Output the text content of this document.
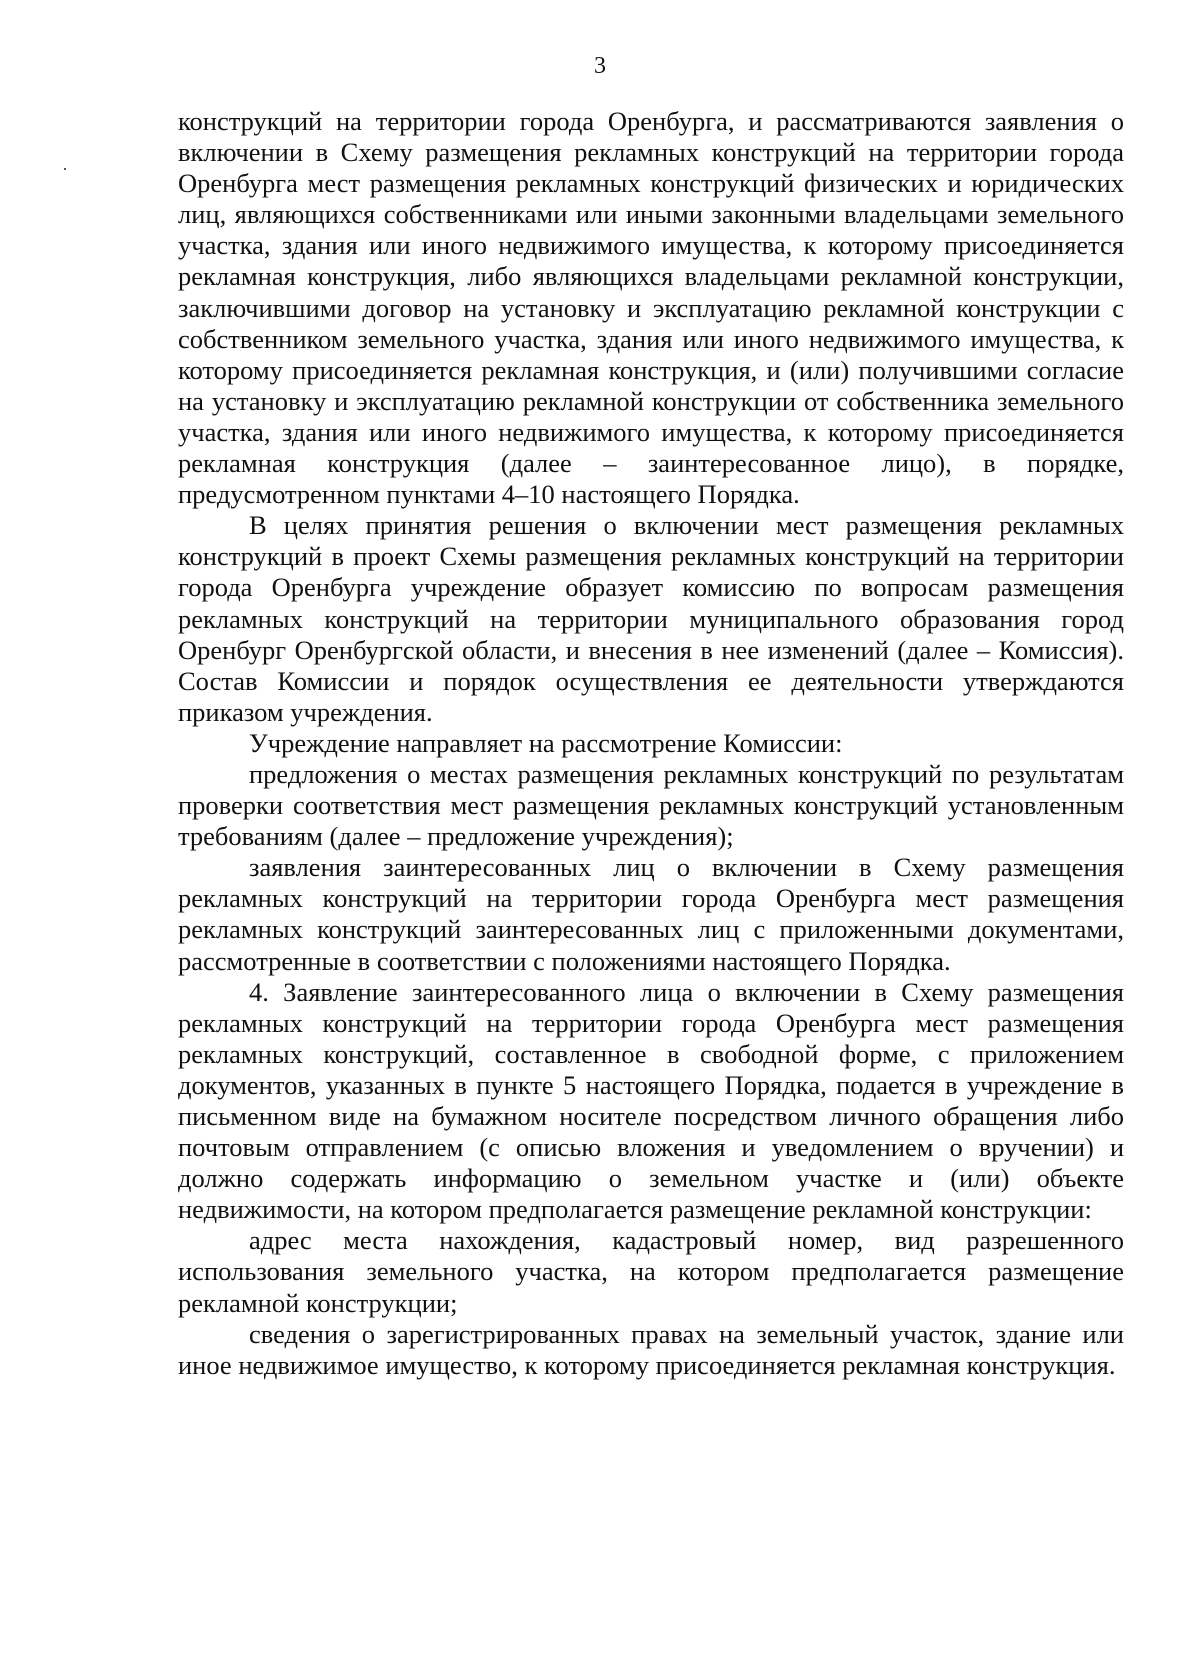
3

конструкций на территории города Оренбурга, и рассматриваются заявления о включении в Схему размещения рекламных конструкций на территории города Оренбурга мест размещения рекламных конструкций физических и юридических лиц, являющихся собственниками или иными законными владельцами земельного участка, здания или иного недвижимого имущества, к которому присоединяется рекламная конструкция, либо являющихся владельцами рекламной конструкции, заключившими договор на установку и эксплуатацию рекламной конструкции с собственником земельного участка, здания или иного недвижимого имущества, к которому присоединяется рекламная конструкция, и (или) получившими согласие на установку и эксплуатацию рекламной конструкции от собственника земельного участка, здания или иного недвижимого имущества, к которому присоединяется рекламная конструкция (далее – заинтересованное лицо), в порядке, предусмотренном пунктами 4–10 настоящего Порядка.

В целях принятия решения о включении мест размещения рекламных конструкций в проект Схемы размещения рекламных конструкций на территории города Оренбурга учреждение образует комиссию по вопросам размещения рекламных конструкций на территории муниципального образования город Оренбург Оренбургской области, и внесения в нее изменений (далее – Комиссия). Состав Комиссии и порядок осуществления ее деятельности утверждаются приказом учреждения.

Учреждение направляет на рассмотрение Комиссии:

предложения о местах размещения рекламных конструкций по результатам проверки соответствия мест размещения рекламных конструкций установленным требованиям (далее – предложение учреждения);

заявления заинтересованных лиц о включении в Схему размещения рекламных конструкций на территории города Оренбурга мест размещения рекламных конструкций заинтересованных лиц с приложенными документами, рассмотренные в соответствии с положениями настоящего Порядка.

4. Заявление заинтересованного лица о включении в Схему размещения рекламных конструкций на территории города Оренбурга мест размещения рекламных конструкций, составленное в свободной форме, с приложением документов, указанных в пункте 5 настоящего Порядка, подается в учреждение в письменном виде на бумажном носителе посредством личного обращения либо почтовым отправлением (с описью вложения и уведомлением о вручении) и должно содержать информацию о земельном участке и (или) объекте недвижимости, на котором предполагается размещение рекламной конструкции:

адрес места нахождения, кадастровый номер, вид разрешенного использования земельного участка, на котором предполагается размещение рекламной конструкции;

сведения о зарегистрированных правах на земельный участок, здание или иное недвижимое имущество, к которому присоединяется рекламная конструкция.
